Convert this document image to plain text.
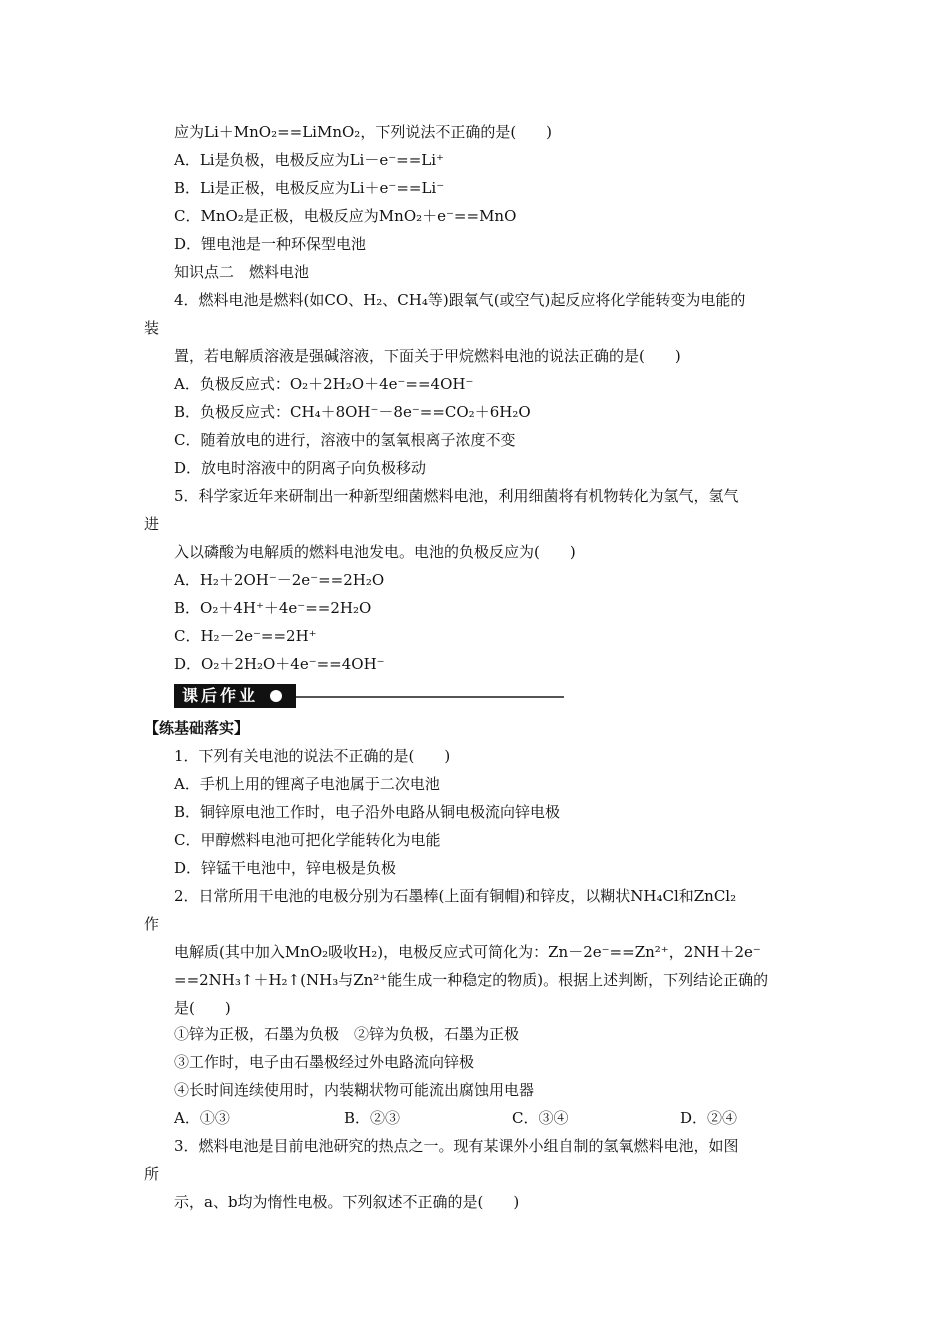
应为Li＋MnO₂==LiMnO₂，下列说法不正确的是(　　)
A．Li是负极，电极反应为Li－e⁻==Li⁺
B．Li是正极，电极反应为Li＋e⁻==Li⁻
C．MnO₂是正极，电极反应为MnO₂＋e⁻==MnO
D．锂电池是一种环保型电池
知识点二　燃料电池
4．燃料电池是燃料(如CO、H₂、CH₄等)跟氧气(或空气)起反应将化学能转变为电能的
装
置，若电解质溶液是强碱溶液，下面关于甲烷燃料电池的说法正确的是(　　)
A．负极反应式：O₂＋2H₂O＋4e⁻==4OH⁻
B．负极反应式：CH₄＋8OH⁻－8e⁻==CO₂＋6H₂O
C．随着放电的进行，溶液中的氢氧根离子浓度不变
D．放电时溶液中的阴离子向负极移动
5．科学家近年来研制出一种新型细菌燃料电池，利用细菌将有机物转化为氢气，氢气
进
入以磷酸为电解质的燃料电池发电。电池的负极反应为(　　)
A．H₂＋2OH⁻－2e⁻==2H₂O
B．O₂＋4H⁺＋4e⁻==2H₂O
C．H₂－2e⁻==2H⁺
D．O₂＋2H₂O＋4e⁻==4OH⁻
课后作业
【练基础落实】
1．下列有关电池的说法不正确的是(　　)
A．手机上用的锂离子电池属于二次电池
B．铜锌原电池工作时，电子沿外电路从铜电极流向锌电极
C．甲醇燃料电池可把化学能转化为电能
D．锌锰干电池中，锌电极是负极
2．日常所用干电池的电极分别为石墨棒(上面有铜帽)和锌皮，以糊状NH₄Cl和ZnCl₂
作
电解质(其中加入MnO₂吸收H₂)，电极反应式可简化为：Zn－2e⁻==Zn²⁺，2NH＋2e⁻
==2NH₃↑＋H₂↑(NH₃与Zn²⁺能生成一种稳定的物质)。根据上述判断，下列结论正确的
是(　　)
①锌为正极，石墨为负极　②锌为负极，石墨为正极
③工作时，电子由石墨极经过外电路流向锌极
④长时间连续使用时，内装糊状物可能流出腐蚀用电器
A．①③	B．②③	C．③④	D．②④
3．燃料电池是目前电池研究的热点之一。现有某课外小组自制的氢氧燃料电池，如图
所
示，a、b均为惰性电极。下列叙述不正确的是(　　)
